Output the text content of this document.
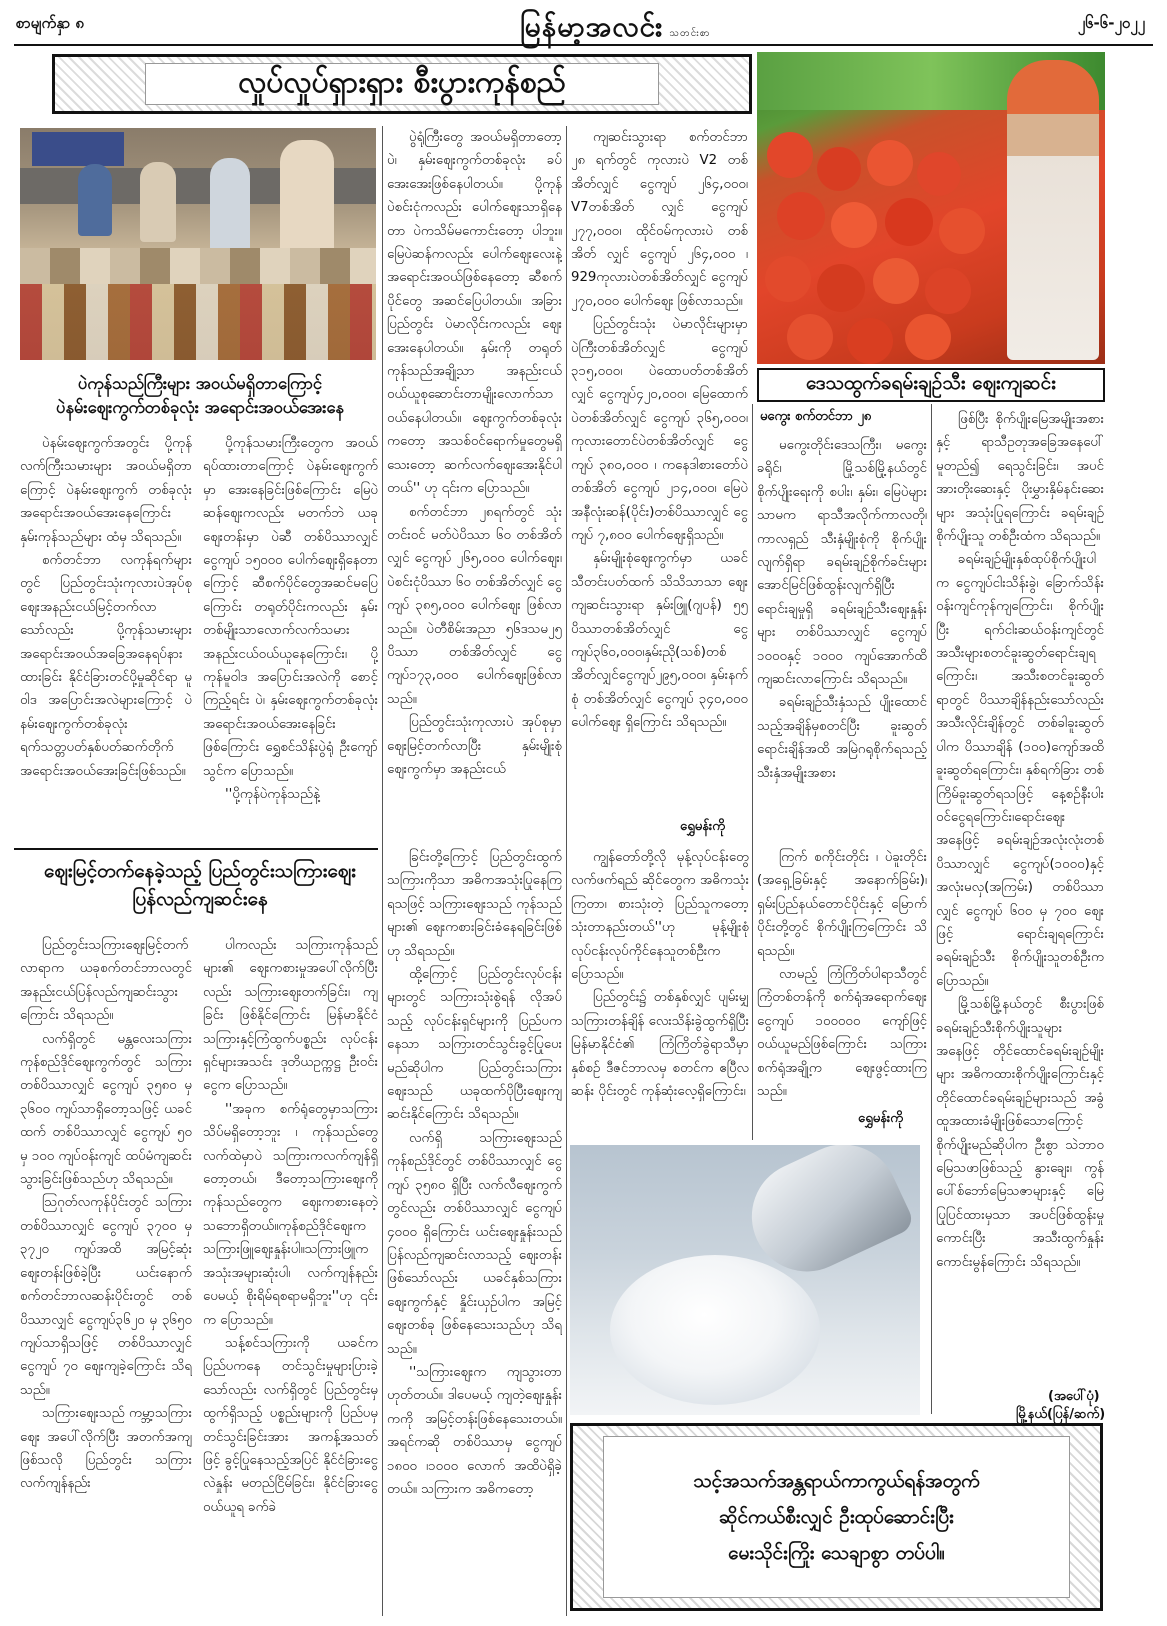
စာမျက်နှာ ၈	မြန်မာ့အလင်း သတင်းစာ
၂၆-၆-၂၀၂၂
လှုပ်လှုပ်ရှားရှား စီးပွားကုန်စည်
ဒေသထွက်ခရမ်းချဉ်သီး ဈေးကျဆင်း
ပဲကုန်သည်ကြီးများ အဝယ်မရှိတာကြောင့်
ပဲနမ်းဈေးကွက်တစ်ခုလုံး အရောင်းအဝယ်အေးနေ

ပဲနမ်းဈေးကွက်အတွင်း ပို့ကုန်လက်ကြီးသမားများ အဝယ်မရှိတာကြောင့် ပဲနမ်းဈေးကွက် တစ်ခုလုံး အရောင်းအဝယ်အေးနေကြောင်း နှမ်းကုန်သည်များ ထံမှ သိရသည်။

စက်တင်ဘာ လကုန်ရက်များတွင် ပြည်တွင်းသုံးကုလားပဲအုပ်စုဈေးအနည်းငယ်မြင့်တက်လာသော်လည်း ပို့ကုန်သမားများ အရောင်းအဝယ်အခြေအနေရပ်နားထားခြင်း နိုင်ငံခြားတင်ပို့မှုဆိုင်ရာ မူဝါဒ အပြောင်းအလဲများကြောင့် ပဲနမ်းဈေးကွက်တစ်ခုလုံး ရက်သတ္တပတ်နှစ်ပတ်ဆက်တိုက် အရောင်းအဝယ်အေးခြင်းဖြစ်သည်။

ပို့ကုန်သမားကြီးတွေက အဝယ်ရပ်ထားတာကြောင့် ပဲနမ်းဈေးကွက်မှာ အေးနေခြင်းဖြစ်ကြောင်း မြေပဲဆန်ဈေးကလည်း မတက်ဘဲ ယခုဈေးတန်းမှာ ပဲဆီ တစ်ပိဿာလျှင် ငွေကျပ် ၁၅၀၀၀ ပေါက်ဈေးရှိနေတာကြောင့် ဆီစက်ပိုင်တွေအဆင်မပြေကြောင်း တရုတ်ပိုင်းကလည်း နှမ်းတစ်မျိုးသာလောက်လက်သမားအနည်းငယ်ဝယ်ယူနေကြောင်း၊ ပို့ကုန်မူဝါဒ အပြောင်းအလဲကို စောင့်ကြည့်ရင်း ပဲ၊ နှမ်းဈေးကွက်တစ်ခုလုံးအရောင်းအဝယ်အေးနေခြင်းဖြစ်ကြောင်း ရွှေစင်သိန်းပွဲရုံ ဦးကျော်သွင်က ပြောသည်။

''ပို့ကုန်ပဲကုန်သည်နဲ့

ပွဲရုံကြီးတွေ အဝယ်မရှိတာတော့ ပဲ၊ နှမ်းဈေးကွက်တစ်ခုလုံး ခပ်အေးအေးဖြစ်နေပါတယ်။ ပို့ကုန် ပဲစင်းငုံကလည်း ပေါက်ဈေးသာရှိနေတာ ပဲကသိမ်မကောင်းတော့ ပါဘူး။ မြေပဲဆန်ကလည်း ပေါက်ဈေးလေးနဲ့ အရောင်းအဝယ်ဖြစ်နေတော့ ဆီစက်ပိုင်တွေ အဆင်ပြေပါတယ်။ အခြားပြည်တွင်း ပဲမာလိုင်းကလည်း ဈေးအေးနေပါတယ်။ နှမ်းကို တရုတ်ကုန်သည်အချို့သာ အနည်းငယ် ဝယ်ယူစုဆောင်းတာမျိုးလောက်သာဝယ်နေပါတယ်။ ဈေးကွက်တစ်ခုလုံးကတော့ အသစ်ဝင်ရောက်မှုတွေမရှိသေးတော့ ဆက်လက်ဈေးအေးနိုင်ပါတယ်'' ဟု ၎င်းက ပြောသည်။

စက်တင်ဘာ ၂၈ရက်တွင် သုံးတင်းဝင် မတ်ပဲပိဿာ ၆၀ တစ်အိတ်လျှင် ငွေကျပ် ၂၆၅,၀၀၀ ပေါက်ဈေး၊ ပဲစင်းငုံပိဿာ ၆၀ တစ်အိတ်လျှင် ငွေကျပ် ၃၈၅,၀၀၀ ပေါက်ဈေး ဖြစ်လာသည်။ ပဲတီစိမ်းအညာ ၅၆ဒသမ၂၅ ပိဿာ တစ်အိတ်လျှင် ငွေကျပ်၁၇၃,၀၀၀ ပေါက်ဈေးဖြစ်လာသည်။

ပြည်တွင်းသုံးကုလားပဲ အုပ်စုမှာ ဈေးမြင့်တက်လာပြီး နှမ်းမျိုးစုံဈေးကွက်မှာ အနည်းငယ်

ကျဆင်းသွားရာ စက်တင်ဘာ ၂၈ ရက်တွင် ကုလားပဲ V2 တစ်အိတ်လျှင် ငွေကျပ် ၂၆၄,၀၀၀၊ V7တစ်အိတ် လျှင် ငွေကျပ် ၂၇၇,၀၀၀၊ ထိုင်ဝမ်ကုလားပဲ တစ်အိတ် လျှင် ငွေကျပ် ၂၆၄,၀၀၀ ၊ 929ကုလားပဲတစ်အိတ်လျှင် ငွေကျပ် ၂၇၀,၀၀၀ ပေါက်ဈေး ဖြစ်လာသည်။

ပြည်တွင်းသုံး ပဲမာလိုင်းများမှာ ပဲကြီးတစ်အိတ်လျှင် ငွေကျပ် ၃၁၅,၀၀၀၊ ပဲထောပတ်တစ်အိတ်လျှင် ငွေကျပ်၄၂၀,၀၀၀၊ မြေထောက်ပဲတစ်အိတ်လျှင် ငွေကျပ် ၃၆၅,၀၀၀၊ ကုလားတောင်ပဲတစ်အိတ်လျှင် ငွေကျပ် ၃၈၀,၀၀၀ ၊ ကနေဒါစားတော်ပဲတစ်အိတ် ငွေကျပ် ၂၁၄,၀၀၀၊ မြေပဲအနီလုံးဆန်(ပိုင်း)တစ်ပိဿာလျှင် ငွေကျပ် ၇,၈၀၀ ပေါက်ဈေးရှိသည်။

နှမ်းမျိုးစုံဈေးကွက်မှာ ယခင်သီတင်းပတ်ထက် သိသိသာသာ ဈေးကျဆင်းသွားရာ နှမ်းဖြူ(ဂျပန်) ၅၅ ပိဿာတစ်အိတ်လျှင် ငွေကျပ်၃၆၀,၀၀၀၊နှမ်းညို(သစ်)တစ်အိတ်လျှင်ငွေကျပ်၂၉၅,၀၀၀၊ နှမ်းနက်စုံ တစ်အိတ်လျှင် ငွေကျပ် ၃၄၀,၀၀၀ ပေါက်ဈေး ရှိကြောင်း သိရသည်။

ရွှေမန်းကို
မကွေး စက်တင်ဘာ ၂၈

မကွေးတိုင်းဒေသကြီး၊ မကွေးခရိုင်၊ မြို့သစ်မြို့နယ်တွင် စိုက်ပျိုးရေးကို စပါး၊ နှမ်း၊ မြေပဲများသာမက ရာသီအလိုက်ကာလတို၊ကာလရှည် သီးနှံမျိုးစုံကို စိုက်ပျိုးလျက်ရှိရာ ခရမ်းချဉ်စိုက်ခင်းများ အောင်မြင်ဖြစ်ထွန်းလျက်ရှိပြီး ရောင်းချမှုရှိ ခရမ်းချဉ်သီးဈေးနှုန်းများ တစ်ပိဿာလျှင် ငွေကျပ် ၁၀၀၀နှင့် ၁၀၀၀ ကျပ်အောက်ထိ ကျဆင်းလာကြောင်း သိရသည်။

ခရမ်းချဉ်သီးနှံသည် ပျိုးထောင်သည့်အချိန်မှစတင်ပြီး ခူးဆွတ်ရောင်းချိန်အထိ အမြဲဂရုစိုက်ရသည့် သီးနှံအမျိုးအစား

ဖြစ်ပြီး စိုက်ပျိုးမြေအမျိုးအစားနှင့် ရာသီဥတုအခြေအနေပေါ်မူတည်၍ ရေသွင်းခြင်း၊ အပင်အားတိုးဆေးနှင့် ပိုးမွှားနှိမ်နင်းဆေးများ အသုံးပြုရကြောင်း ခရမ်းချဉ်စိုက်ပျိုးသူ တစ်ဦးထံက သိရသည်။

ခရမ်းချဉ်မျိုးနှစ်ထုပ်စိုက်ပျိုးပါက ငွေကျပ်ငါးသိန်းခွဲ၊ ခြောက်သိန်းဝန်းကျင်ကုန်ကျကြောင်း၊ စိုက်ပျိုးပြီး ရက်ငါးဆယ်ဝန်းကျင်တွင် အသီးများစတင်ခူးဆွတ်ရောင်းချရကြောင်း၊ အသီးစတင်ခူးဆွတ်ရာတွင် ပိဿာချိန်နည်းသော်လည်း အသီးလိုင်းချိန်တွင် တစ်ခါခူးဆွတ်ပါက ပိဿာချိန် (၁၀၀)ကျော်အထိ ခူးဆွတ်ရကြောင်း၊ နှစ်ရက်ခြား တစ်ကြိမ်ခူးဆွတ်ရသဖြင့် နေ့စဉ်နီးပါးဝင်ငွေရကြောင်း၊ရောင်းဈေးအနေဖြင့် ခရမ်းချဉ်အလုံးလုံးတစ်ပိဿာလျှင် ငွေကျပ်(၁၀၀၀)နှင့် အလုံးမလှ(အကြမ်း) တစ်ပိဿာလျှင် ငွေကျပ် ၆၀၀ မှ ၇၀၀ ဈေးဖြင့် ရောင်းချရကြောင်း ခရမ်းချဉ်သီး စိုက်ပျိုးသူတစ်ဦးက ပြောသည်။

မြို့သစ်မြို့နယ်တွင် စီးပွားဖြစ်ခရမ်းချဉ်သီးစိုက်ပျိုးသူများ အနေဖြင့် တိုင်ထောင်ခရမ်းချဉ်မျိုးများ အဓိကထားစိုက်ပျိုးကြောင်းနှင့် တိုင်ထောင်ခရမ်းချဉ်များသည် အခွံထူအထားခံမျိုးဖြစ်သောကြောင့် စိုက်ပျိုးမည်ဆိုပါက ဦးစွာ သဲဘာဝမြေသဖာဖြစ်သည့် နွားချေး၊ ကွန်ပေါ်စ်ဘော်မြေသဇာများနှင့် မြေပြုပြင်ထားမှသာ အပင်ဖြစ်ထွန်းမှုကောင်းပြီး အသီးထွက်နှုန်းကောင်းမွန်ကြောင်း သိရသည်။

(အပေါ်ပုံ)
မြို့နယ်(ပြန်/ဆက်)
ဈေးမြင့်တက်နေခဲ့သည့် ပြည်တွင်းသကြားဈေး
ပြန်လည်ကျဆင်းနေ

ပြည်တွင်းသကြားဈေးမြင့်တက်လာရာက ယခုစက်တင်ဘာလတွင် အနည်းငယ်ပြန်လည်ကျဆင်းသွားကြောင်း သိရသည်။

လက်ရှိတွင် မန္တလေးသကြားကုန်စည်ဒိုင်ဈေးကွက်တွင် သကြားတစ်ပိဿာလျှင် ငွေကျပ် ၃၅၈၀ မှ ၃၆၀၀ ကျပ်သာရှိတော့သဖြင့် ယခင်ထက် တစ်ပိဿာလျှင် ငွေကျပ် ၅၀ မှ ၁၀၀ ကျပ်ဝန်းကျင် ထပ်မံကျဆင်းသွားခြင်းဖြစ်သည်ဟု သိရသည်။

ဩဂုတ်လကုန်ပိုင်းတွင် သကြားတစ်ပိဿာလျှင် ငွေကျပ် ၃၇၀၀ မှ ၃၇၂၀ ကျပ်အထိ အမြင့်ဆုံးဈေးတန်းဖြစ်ခဲ့ပြီး ယင်းနောက်စက်တင်ဘာလဆန်းပိုင်းတွင် တစ်ပိဿာလျှင် ငွေကျပ်၃၆၂၀ မှ ၃၆၅၀ ကျပ်သာရှိသဖြင့် တစ်ပိဿာလျှင် ငွေကျပ် ၇၀ ဈေးကျခဲ့ကြောင်း သိရသည်။

သကြားဈေးသည် ကမ္ဘာ့သကြားဈေး အပေါ်လိုက်ပြီး အတက်အကျဖြစ်သလို ပြည်တွင်း သကြားလက်ကျန်နည်း

ပါကလည်း သကြားကုန်သည်များ၏ ဈေးကစားမှုအပေါ်လိုက်ပြီး လည်း သကြားဈေးတက်ခြင်း၊ ကျခြင်း ဖြစ်နိုင်ကြောင်း မြန်မာနိုင်ငံ သကြားနှင့်ကြံထွက်ပစ္စည်း လုပ်ငန်းရှင်များအသင်း ဒုတိယဥက္ကဋ္ဌ ဦးဝင်းငွေက ပြောသည်။

''အခုက စက်ရုံတွေမှာသကြား သိပ်မရှိတော့ဘူး ၊ ကုန်သည်တွေလက်ထဲမှာပဲ သကြားကလက်ကျန်ရှိတော့တယ်၊ ဒီတော့သကြားဈေးကို ကုန်သည်တွေက ဈေးကစားနေတဲ့သဘောရှိတယ်။ကုန်စည်ဒိုင်ဈေးက သကြားဖြူဈေးနှုန်းပါ။သကြားဖြူက အသုံးအများဆုံးပါ၊ လက်ကျန်နည်းပေမယ့် စိုးရိမ်ရစရာမရှိဘူး''ဟု ၎င်းက ပြောသည်။

သန့်စင်သကြားကို ယခင်က ပြည်ပကနေ တင်သွင်းမှုများပြားခဲ့သော်လည်း လက်ရှိတွင် ပြည်တွင်းမှ ထွက်ရှိသည့် ပစ္စည်းများကို ပြည်ပမှ တင်သွင်းခြင်းအား အကန့်အသတ်ဖြင့် ခွင့်ပြုနေသည့်အပြင် နိုင်ငံခြားငွေလဲနှုန်း မတည်ငြိမ်ခြင်း၊ နိုင်ငံခြားငွေဝယ်ယူရ ခက်ခဲ

ခြင်းတို့ကြောင့် ပြည်တွင်းထွက်သကြားကိုသာ အဓိကအသုံးပြုနေကြရသဖြင့် သကြားဈေးသည် ကုန်သည်များ၏ ဈေးကစားခြင်းခံနေရခြင်းဖြစ်ဟု သိရသည်။

ထို့ကြောင့် ပြည်တွင်းလုပ်ငန်းများတွင် သကြားသုံးစွဲရန် လိုအပ်သည့် လုပ်ငန်းရှင်များကို ပြည်ပကနေသာ သကြားတင်သွင်းခွင့်ပြုပေးမည်ဆိုပါက ပြည်တွင်းသကြားဈေးသည် ယခုထက်ပိုပြီးဈေးကျဆင်းနိုင်ကြောင်း သိရသည်။

လက်ရှိ သကြားဈေးသည် ကုန်စည်ဒိုင်တွင် တစ်ပိဿာလျှင် ငွေကျပ် ၃၅၈၀ ရှိပြီး လက်လီဈေးကွက်တွင်လည်း တစ်ပိဿာလျှင် ငွေကျပ် ၄၀၀၀ ရှိကြောင်း ယင်းဈေးနှုန်းသည် ပြန်လည်ကျဆင်းလာသည့် ဈေးတန်းဖြစ်သော်လည်း ယခင်နှစ်သကြားဈေးကွက်နှင့် နှိုင်းယှဉ်ပါက အမြင့်ဈေးတစ်ခု ဖြစ်နေသေးသည်ဟု သိရသည်။

''သကြားဈေးက ကျသွားတာဟုတ်တယ်။ ဒါပေမယ့် ကျတဲ့ဈေးနှုန်းကကို အမြင့်တန်းဖြစ်နေသေးတယ်။အရင်ကဆို တစ်ပိဿာမှ ငွေကျပ် ၁၈၀၀ ၊၁၀၀၀ လောက် အထိပဲရှိခဲ့တယ်။ သကြားက အဓိကတော့

ကျွန်တော်တို့လို မုန့်လုပ်ငန်းတွေ လက်ဖက်ရည် ဆိုင်တွေက အဓိကသုံးကြတာ၊ စားသုံးတဲ့ ပြည်သူကတော့ သုံးတာနည်းတယ်''ဟု မုန့်မျိုးစုံလုပ်ငန်းလုပ်ကိုင်နေသူတစ်ဦးက ပြောသည်။

ပြည်တွင်း၌ တစ်နှစ်လျှင် ပျမ်းမျှ သကြားတန်ချိန် လေးသိန်းခွဲထွက်ရှိပြီး မြန်မာနိုင်ငံ၏ ကြံကြိတ်ခွဲရာသီမှာ နှစ်စဉ် ဒီဇင်ဘာလမှ စတင်က ဧပြီလဆန်း ပိုင်းတွင် ကုန်ဆုံးလေ့ရှိကြောင်း၊

ကြက် စကိုင်းတိုင်း ၊ ပဲခူးတိုင်း (အရှေ့ခြမ်းနှင့် အနောက်ခြမ်း)၊ ရှမ်းပြည်နယ်တောင်ပိုင်းနှင့် မြောက်ပိုင်းတို့တွင် စိုက်ပျိုးကြကြောင်း သိရသည်။

လာမည့် ကြံကြိတ်ပါရာသီတွင် ကြံတစ်တန်ကို စက်ရုံအရောက်ဈေး ငွေကျပ် ၁၀၀၀၀၀ ကျော်ဖြင့် ဝယ်ယူမည်ဖြစ်ကြောင်း သကြားစက်ရုံအချို့က ဈေးဖွင့်ထားကြသည်။

ရွှေမန်းကို
သင့်အသက်အန္တရာယ်ကာကွယ်ရန်အတွက်
ဆိုင်ကယ်စီးလျှင် ဦးထုပ်ဆောင်းပြီး
မေးသိုင်းကြိုး သေချာစွာ တပ်ပါ။
